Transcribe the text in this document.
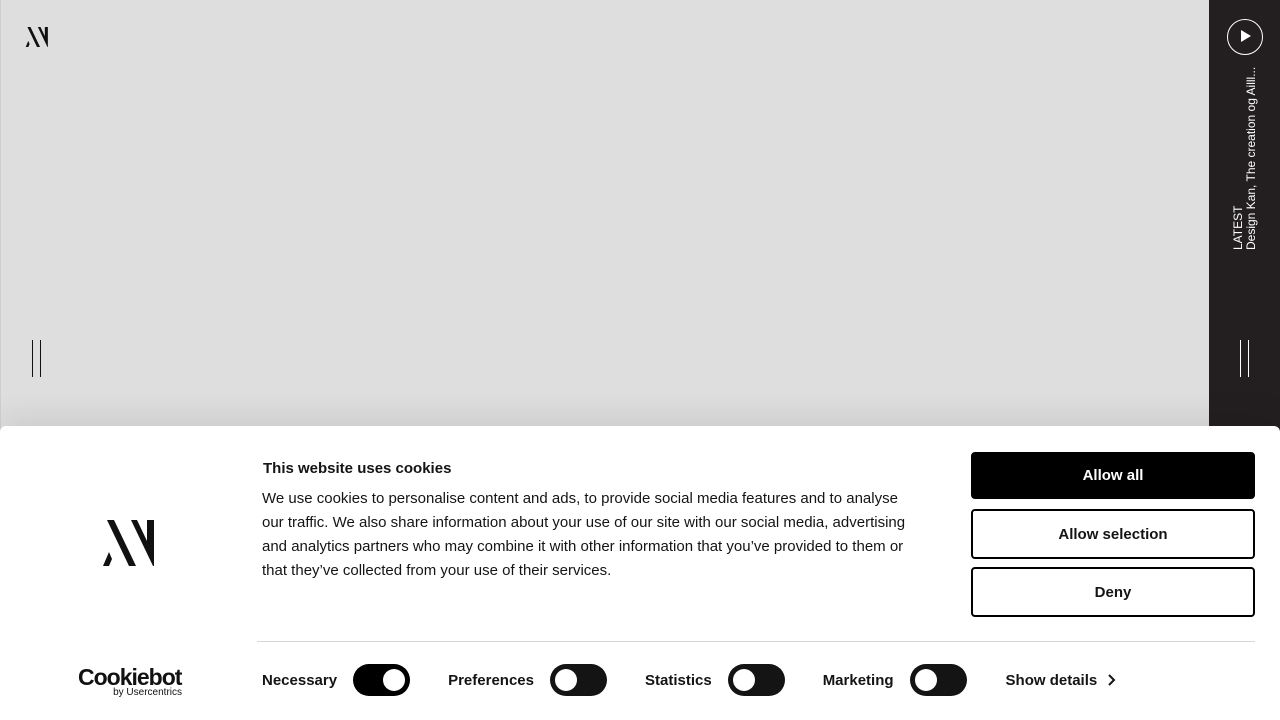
LATEST Design Kan, The creation og Ailll...
Cookiebot
by Usercentrics
This website uses cookies

We use cookies to personalise content and ads, to provide social media features and to analyse our traffic. We also share information about your use of our site with our social media, advertising and analytics partners who may combine it with other information that you’ve provided to them or that they’ve collected from your use of their services.

Allow all
Allow selection
Deny
Necessary	Preferences	Statistics	Marketing	Show details
